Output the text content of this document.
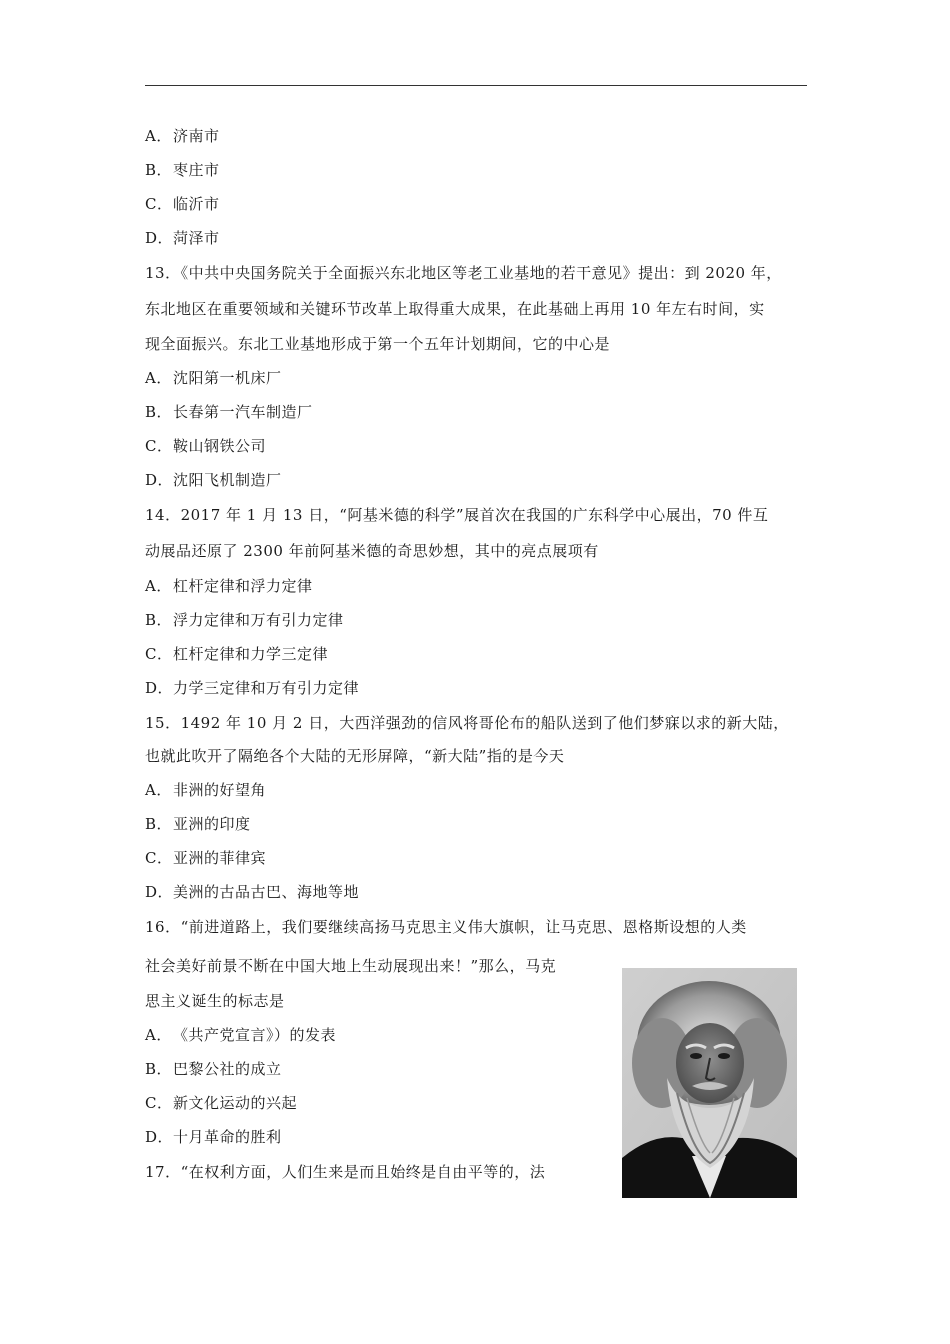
A．济南市
B．枣庄市
C．临沂市
D．菏泽市
13．《中共中央国务院关于全面振兴东北地区等老工业基地的若干意见》提出：到 2020 年，
东北地区在重要领域和关键环节改革上取得重大成果，在此基础上再用 10 年左右时间，实
现全面振兴。东北工业基地形成于第一个五年计划期间，它的中心是
A．沈阳第一机床厂
B．长春第一汽车制造厂
C．鞍山钢铁公司
D．沈阳飞机制造厂
14．2017 年 1 月 13 日，“阿基米德的科学”展首次在我国的广东科学中心展出，70 件互
动展品还原了 2300 年前阿基米德的奇思妙想，其中的亮点展项有
A．杠杆定律和浮力定律
B．浮力定律和万有引力定律
C．杠杆定律和力学三定律
D．力学三定律和万有引力定律
15．1492 年 10 月 2 日，大西洋强劲的信风将哥伦布的船队送到了他们梦寐以求的新大陆，
也就此吹开了隔绝各个大陆的无形屏障，“新大陆”指的是今天
A．非洲的好望角
B．亚洲的印度
C．亚洲的菲律宾
D．美洲的古品古巴、海地等地
16．“前进道路上，我们要继续高扬马克思主义伟大旗帜，让马克思、恩格斯设想的人类
社会美好前景不断在中国大地上生动展现出来！”那么，马克
思主义诞生的标志是
A．《共产党宣言》）的发表
B．巴黎公社的成立
C．新文化运动的兴起
D．十月革命的胜利
17．“在权利方面，人们生来是而且始终是自由平等的，法
